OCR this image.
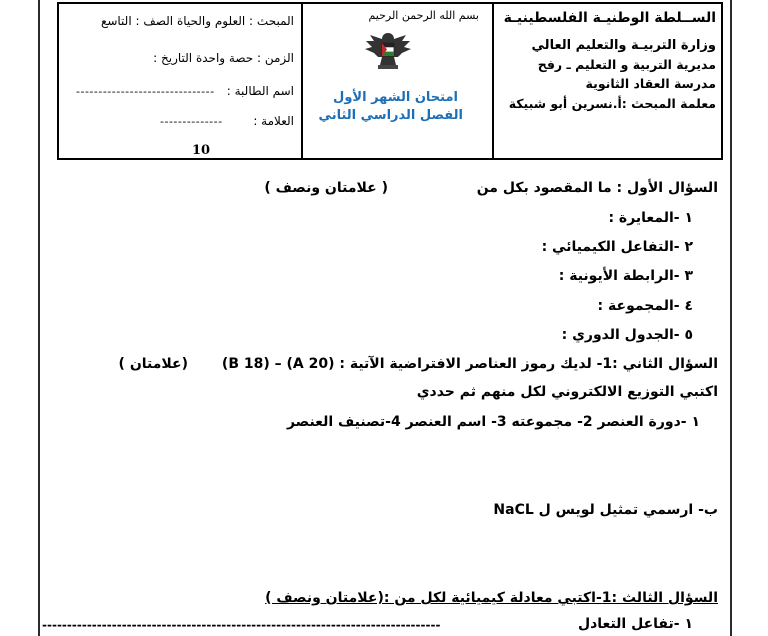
الســلطة الوطنيـة الفلسطينيـة
وزارة التربيـة والتعليم العالي
مديرية التربية و التعليم ـ رفح
مدرسة العقاد الثانوية
معلمة المبحث :أ.نسرين أبو شبيكة
بسم الله الرحمن الرحيم
امتحان الشهر الأول
الفصل الدراسي الثاني
المبحث : العلوم والحياة الصف : التاسع
الزمن : حصة واحدة التاريخ :
اسم الطالبة :
-------------------------------
العلامة :
--------------
10
السؤال الأول : ما المقصود بكل من
( علامتان ونصف )
١ -المعايرة :
٢ -التفاعل الكيميائي :
٣ -الرابطة الأيونية :
٤ -المجموعة :
٥ -الجدول الدوري :
السؤال الثاني :1- لديك رموز العناصر الافتراضية الآتية : (A 20) – (B 18)
(علامتان )
اكتبي التوزيع الالكتروني لكل منهم ثم حددي
١ -دورة العنصر 2- مجموعته 3- اسم العنصر 4-تصنيف العنصر
ب- ارسمي تمثيل لويس ل NaCL
السؤال الثالث :1-اكتبي معادلة كيميائية لكل من :(علامتان ونصف )
١ -تفاعل التعادل
--------------------------------------------------------------------------------
